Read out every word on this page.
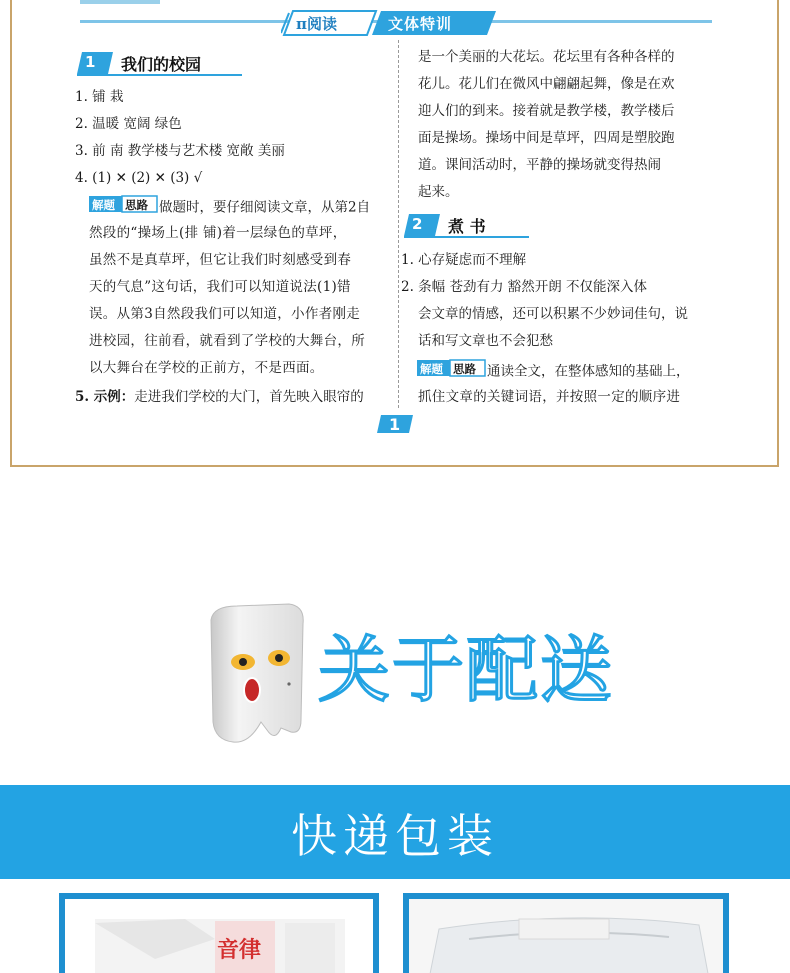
π阅读	文体特训
1 我们的校园
1. 铺 栽
2. 温暖 宽阔 绿色
3. 前 南 教学楼与艺术楼 宽敞 美丽
4. (1) ✕ (2) ✕ (3) √
解题 思路 做题时，要仔细阅读文章，从第2自
然段的“操场上(排 铺)着一层绿色的草坪，
虽然不是真草坪，但它让我们时刻感受到春
天的气息”这句话，我们可以知道说法(1)错
误。从第3自然段我们可以知道，小作者刚走
进校园，往前看，就看到了学校的大舞台，所
以大舞台在学校的正前方，不是西面。
5. 示例：走进我们学校的大门，首先映入眼帘的
是一个美丽的大花坛。花坛里有各种各样的
花儿。花儿们在微风中翩翩起舞，像是在欢
迎人们的到来。接着就是教学楼，教学楼后
面是操场。操场中间是草坪，四周是塑胶跑
道。课间活动时，平静的操场就变得热闹
起来。
2 煮 书
1. 心存疑虑而不理解
2. 条幅 苍劲有力 豁然开朗 不仅能深入体
会文章的情感，还可以积累不少妙词佳句，说
话和写文章也不会犯愁
解题 思路 通读全文，在整体感知的基础上，
抓住文章的关键词语，并按照一定的顺序进
1
关于配送
快递包装
音律
